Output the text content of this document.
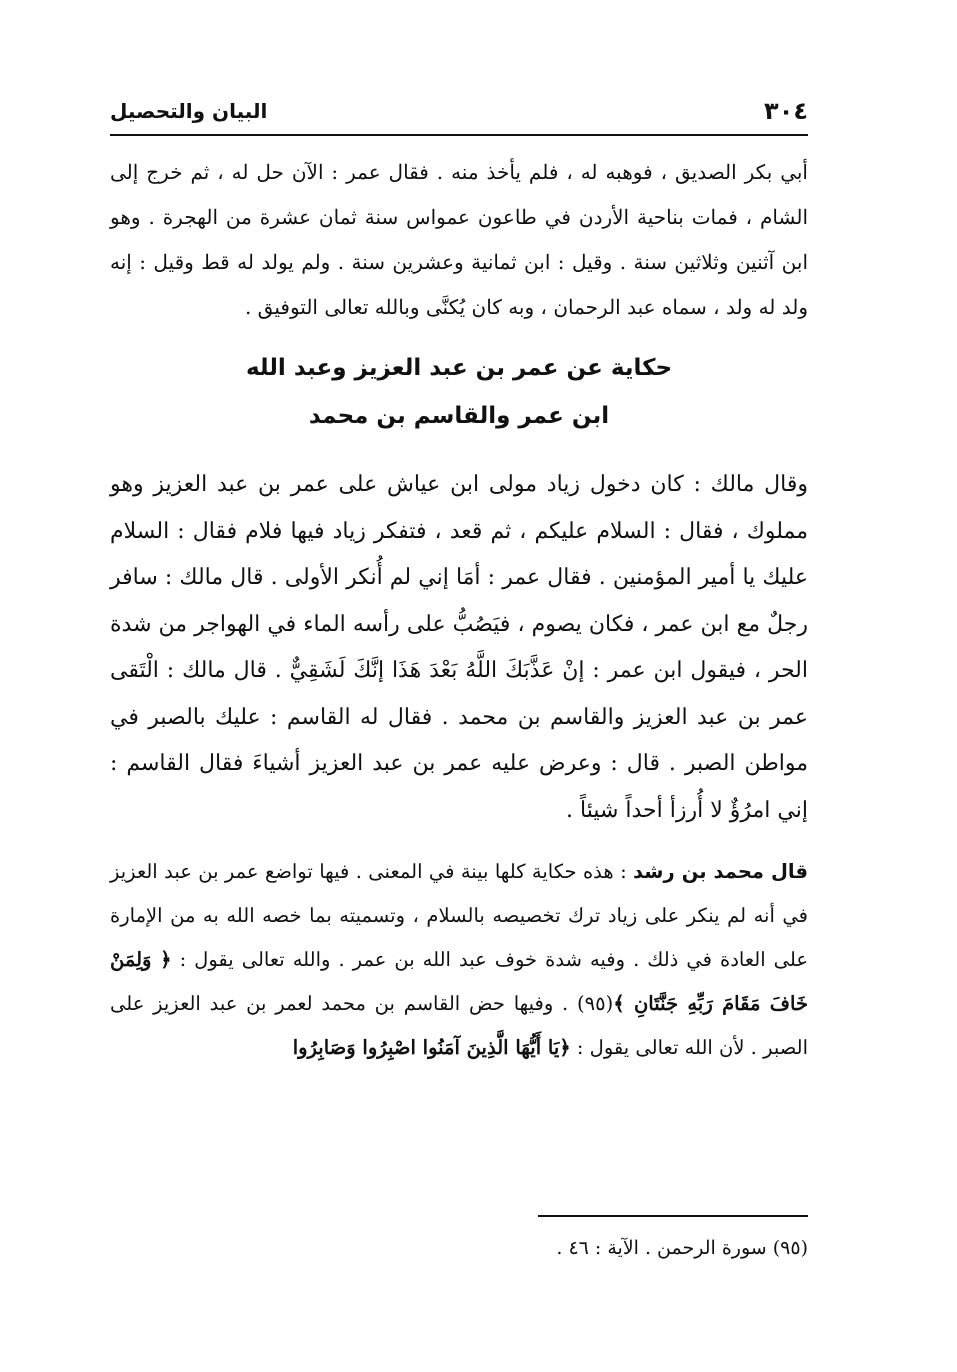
٣٠٤
البيان والتحصيل

أبي بكر الصديق ، فوهبه له ، فلم يأخذ منه . فقال عمر : الآن حل له ، ثم خرج إلى الشام ، فمات بناحية الأردن في طاعون عمواس سنة ثمان عشرة من الهجرة . وهو ابن آثنين وثلاثين سنة . وقيل : ابن ثمانية وعشرين سنة . ولم يولد له قط وقيل : إنه ولد له ولد ، سماه عبد الرحمان ، وبه كان يُكنَّى وبالله تعالى التوفيق .

حكاية عن عمر بن عبد العزيز وعبد الله
ابن عمر والقاسم بن محمد

وقال مالك : كان دخول زياد مولى ابن عياش على عمر بن عبد العزيز وهو مملوك ، فقال : السلام عليكم ، ثم قعد ، فتفكر زياد فيها فلام فقال : السلام عليك يا أمير المؤمنين . فقال عمر : أمَا إني لم أُنكر الأولى . قال مالك : سافر رجلٌ مع ابن عمر ، فكان يصوم ، فيَصُبُّ على رأسه الماء في الهواجر من شدة الحر ، فيقول ابن عمر : إنْ عَذَّبَكَ اللَّهُ بَعْدَ هَذَا إنَّكَ لَشَقِيٌّ . قال مالك : الْتَقى عمر بن عبد العزيز والقاسم بن محمد . فقال له القاسم : عليك بالصبر في مواطن الصبر . قال : وعرض عليه عمر بن عبد العزيز أشياءَ فقال القاسم : إني امرُؤٌ لا أُرزأ أحداً شيئاً .

قال محمد بن رشد : هذه حكاية كلها بينة في المعنى . فيها تواضع عمر بن عبد العزيز في أنه لم ينكر على زياد ترك تخصيصه بالسلام ، وتسميته بما خصه الله به من الإمارة على العادة في ذلك . وفيه شدة خوف عبد الله بن عمر . والله تعالى يقول : ﴿ وَلِمَنْ خَافَ مَقَامَ رَبِّهِ جَنَّتَانِ ﴾(٩٥) . وفيها حض القاسم بن محمد لعمر بن عبد العزيز على الصبر . لأن الله تعالى يقول : ﴿يَا أَيُّهَا الَّذِينَ آمَنُوا اصْبِرُوا وَصَابِرُوا

(٩٥) سورة الرحمن . الآية : ٤٦ .
